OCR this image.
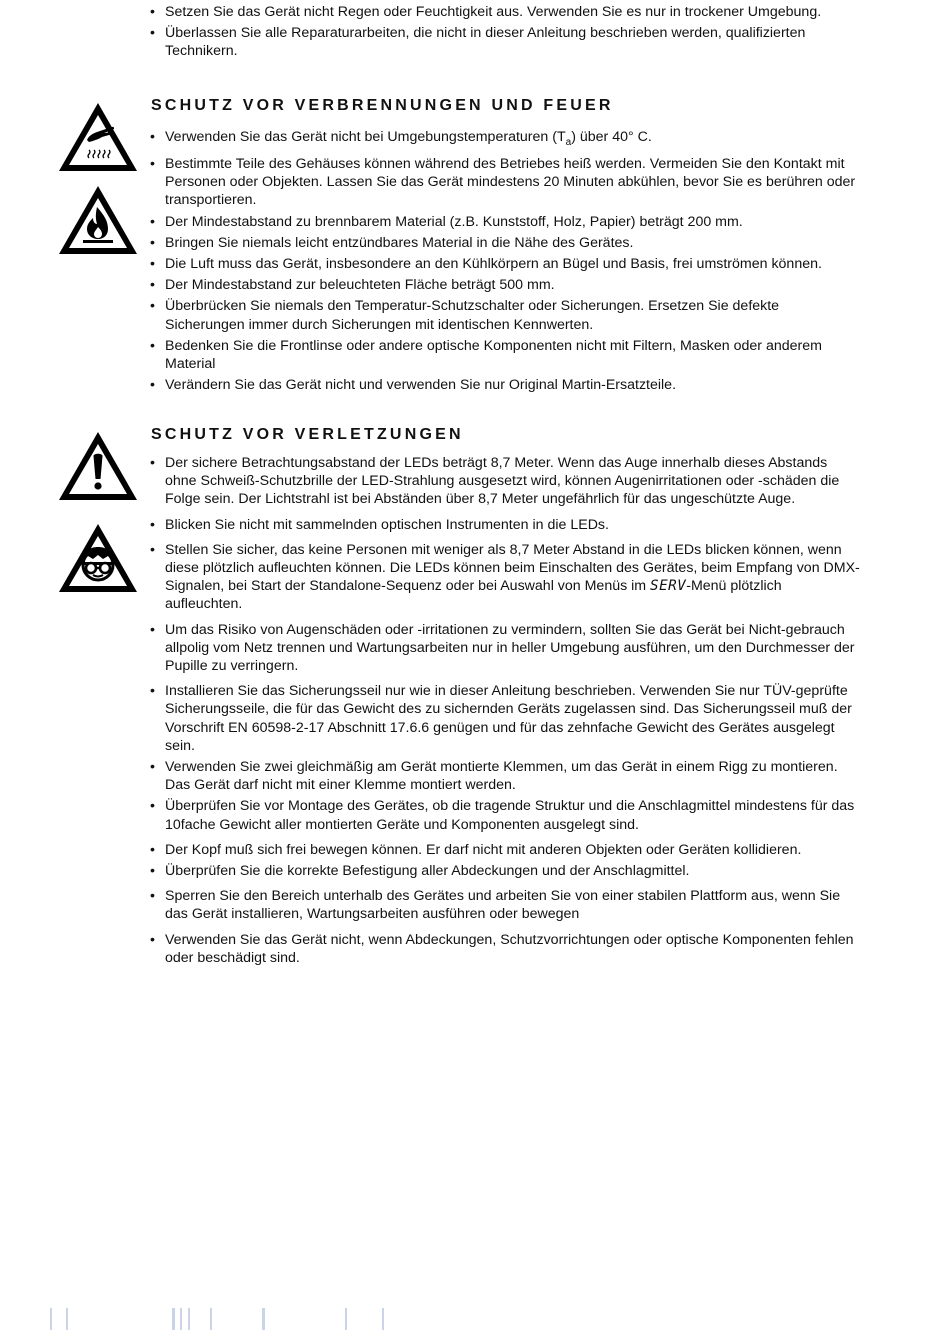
• Setzen Sie das Gerät nicht Regen oder Feuchtigkeit aus. Verwenden Sie es nur in trockener Umgebung.
• Überlassen Sie alle Reparaturarbeiten, die nicht in dieser Anleitung beschrieben werden, qualifizierten Technikern.
SCHUTZ VOR VERBRENNUNGEN UND FEUER
• Verwenden Sie das Gerät nicht bei Umgebungstemperaturen $(T_a)$ über 40° C.
• Bestimmte Teile des Gehäuses können während des Betriebes heiß werden. Vermeiden Sie den Kontakt mit Personen oder Objekten. Lassen Sie das Gerät mindestens 20 Minuten abkühlen, bevor Sie es berühren oder transportieren.
• Der Mindestabstand zu brennbarem Material (z.B. Kunststoff, Holz, Papier) beträgt 200 mm.
• Bringen Sie niemals leicht entzündbares Material in die Nähe des Gerätes.
• Die Luft muss das Gerät, insbesondere an den Kühlkörpern an Bügel und Basis, frei umströmen können.
• Der Mindestabstand zur beleuchteten Fläche beträgt 500 mm.
• Überbrücken Sie niemals den Temperatur-Schutzschalter oder Sicherungen. Ersetzen Sie defekte Sicherungen immer durch Sicherungen mit identischen Kennwerten.
• Bedenken Sie die Frontlinse oder andere optische Komponenten nicht mit Filtern, Masken oder anderem Material
• Verändern Sie das Gerät nicht und verwenden Sie nur Original Martin-Ersatzteile.
SCHUTZ VOR VERLETZUNGEN
• Der sichere Betrachtungsabstand der LEDs beträgt 8,7 Meter. Wenn das Auge innerhalb dieses Abstands ohne Schweiß-Schutzbrille der LED-Strahlung ausgesetzt wird, können Augenirritationen oder -schäden die Folge sein. Der Lichtstrahl ist bei Abständen über 8,7 Meter ungefährlich für das ungeschützte Auge.
• Blicken Sie nicht mit sammelnden optischen Instrumenten in die LEDs.
• Stellen Sie sicher, das keine Personen mit weniger als 8,7 Meter Abstand in die LEDs blicken können, wenn diese plötzlich aufleuchten können. Die LEDs können beim Einschalten des Gerätes, beim Empfang von DMX-Signalen, bei Start der Standalone-Sequenz oder bei Auswahl von Menüs im SERV-Menü plötzlich aufleuchten.
• Um das Risiko von Augenschäden oder -irritationen zu vermindern, sollten Sie das Gerät bei Nicht-gebrauch allpolig vom Netz trennen und Wartungsarbeiten nur in heller Umgebung ausführen, um den Durchmesser der Pupille zu verringern.
• Installieren Sie das Sicherungsseil nur wie in dieser Anleitung beschrieben. Verwenden Sie nur TÜV-geprüfte Sicherungsseile, die für das Gewicht des zu sichernden Geräts zugelassen sind. Das Sicherungsseil muß der Vorschrift EN 60598-2-17 Abschnitt 17.6.6 genügen und für das zehnfache Gewicht des Gerätes ausgelegt sein.
• Verwenden Sie zwei gleichmäßig am Gerät montierte Klemmen, um das Gerät in einem Rigg zu montieren. Das Gerät darf nicht mit einer Klemme montiert werden.
• Überprüfen Sie vor Montage des Gerätes, ob die tragende Struktur und die Anschlagmittel mindestens für das 10fache Gewicht aller montierten Geräte und Komponenten ausgelegt sind.
• Der Kopf muß sich frei bewegen können. Er darf nicht mit anderen Objekten oder Geräten kollidieren.
• Überprüfen Sie die korrekte Befestigung aller Abdeckungen und der Anschlagmittel.
• Sperren Sie den Bereich unterhalb des Gerätes und arbeiten Sie von einer stabilen Plattform aus, wenn Sie das Gerät installieren, Wartungsarbeiten ausführen oder bewegen
• Verwenden Sie das Gerät nicht, wenn Abdeckungen, Schutzvorrichtungen oder optische Komponenten fehlen oder beschädigt sind.
